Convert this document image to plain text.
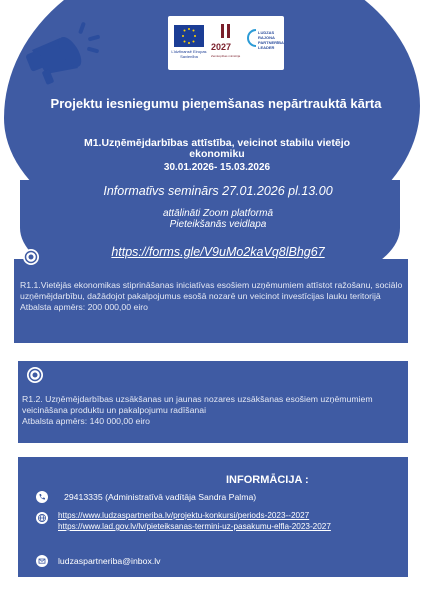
Līdzfinansē Eiropas Savienība
2027
Zemkopības ministrija
LUDZAS RAJONA PARTNERĪBA LEADER
Projektu iesniegumu pieņemšanas nepārtrauktā kārta
M1.Uzņēmējdarbības attīstība, veicinot stabilu vietējo ekonomiku
30.01.2026- 15.03.2026
Informatīvs seminārs 27.01.2026 pl.13.00
attālināti Zoom platformā
Pieteikšanās veidlapa
https://forms.gle/V9uMo2kaVq8lBhg67
R1.1.Vietējās ekonomikas stiprināšanas iniciatīvas esošiem uzņēmumiem attīstot ražošanu, sociālo uzņēmējdarbību, dažādojot pakalpojumus esošā nozarē un veicinot investīcijas lauku teritorijā
Atbalsta apmērs: 200 000,00 eiro
R1.2. Uzņēmējdarbības uzsākšanas un jaunas nozares uzsākšanas esošiem uzņēmumiem veicināšana produktu un pakalpojumu radīšanai
Atbalsta apmērs: 140 000,00 eiro
INFORMĀCIJA :
29413335 (Administratīvā vadītāja Sandra Palma)
https://www.ludzaspartneriba.lv/projektu-konkursi/periods-2023--2027
https://www.lad.gov.lv/lv/pieteiksanas-termini-uz-pasakumu-elfla-2023-2027
ludzaspartneriba@inbox.lv
